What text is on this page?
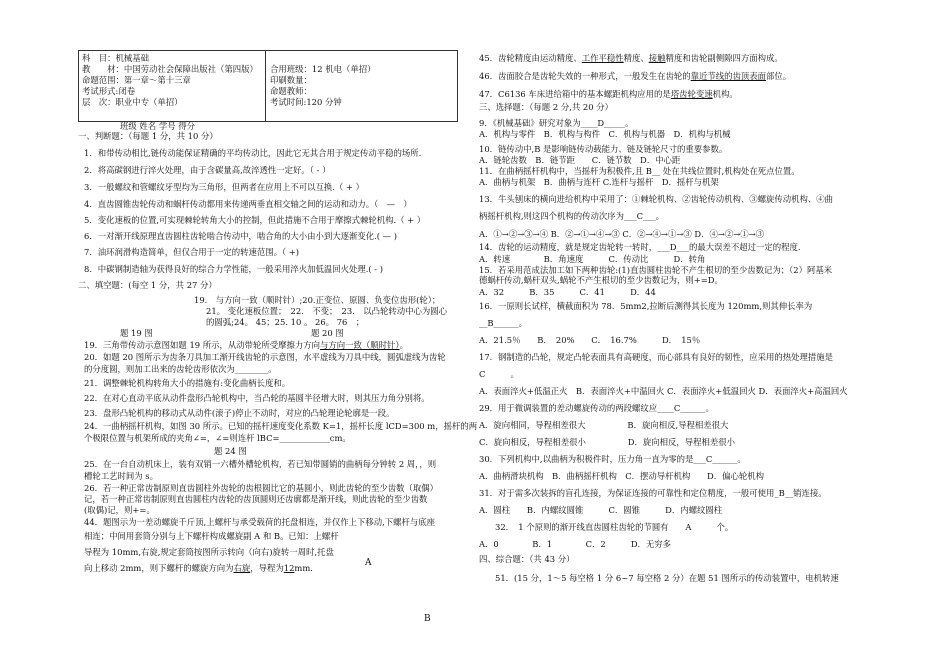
科　目：机械基础
教　　材：中国劳动社会保障出版社（第四版）
命题范围：第一章～第十三章
考试形式:闭卷
层　次：职业中专（单招）
合用班级：12 机电（单招）
印刷数量：
命题教师：
考试时间:120 分钟
班级 姓名 学号 得分
一、判断题：（每题 1 分，共 10 分）
1．和带传动相比,链传动能保证精确的平均传动比，因此它无其合用于规定传动平稳的场所.
2．将高碳钢进行淬火处理，由于含碳量高,故淬透性一定好。（ - ）
3．一般螺纹和管螺纹牙型均为三角形，但两者在应用上不可以互换.（ + ）
4．直齿圆锥齿轮传动和蜗杆传动都用来传递两垂直相交轴之间的运动和动力。（　—　）
5．变化速板的位置,可实现棘轮转角大小的控制，但此措施不合用于摩擦式棘轮机构.（ + ）
6．一对渐开线原理直齿圆柱齿轮啮合传动中，啮合角的大小由小到大逐渐变化.( — )
7．油环润滑构造简单，但仅合用于一定的转速范围。（ +)
8．中碳钢制造轴为获得良好的综合力学性能，一般采用淬火加低温回火处理.( - )
二、填空题：(每空 1 分，共 27 分）
19.　与方向一致（顺时针）;20.正变位、原圆、负变位齿形(轮）；
21。 变化速板位置；　22.　不变；　23.　以凸轮转动中心为圆心
的圆弧;24。 45；25. 10 。 26。 76　；
题 19 图	题 20 图
19．三角带传动示意图如题 19 所示，从动带轮所受摩擦力方向与方向一致（顺时针）。
20．如题 20 图所示为齿条刀具加工渐开线齿轮的示意图，水平虚线为刀具中线，圆弧虚线为齿轮
的分度圆，则加工出来的齿轮齿形依次为________。
21．调整棘轮机构转角大小的措施有:变化曲柄长度和。
22．在对心直动平底从动件盘形凸轮机构中，当凸轮的基圆半径增大时，则其压力角分别将。
23．盘形凸轮机构的移动式从动件(滚子)停止不动时，对应的凸轮理论轮廓是一段。
24．一曲柄摇杆机构，如图 30 所示。已知的摇杆速度变化系数 K=1，摇杆长度 lCD=300 m，摇杆的两
个极限位置与机架所成的夹角∠=，∠=则连杆 lBC=____________cm。
题 24 图
25．在一台自动机床上，装有双销一六槽外槽轮机构，若已知带圆销的曲柄每分钟转 2 周，，则
槽轮工艺时间为 s。
26．若一种正常齿制原则直齿圆柱外齿轮的齿根圆比它的基圆小，则此齿轮的至少齿数（取偶）
记，若一种正常齿制原则直齿圆柱内齿轮的齿顶圆则还齿廓都是渐开线，则此齿轮的至少齿数
(取偶)记，则+=。
44．题图示为一差动螺旋千斤顶,上螺杆与承受载荷的托盘相连，并仅作上下移动,下螺杆与底座
相连；中间用套筒分别与上下螺杆构成螺旋副 A 和 B。已知：上螺杆
导程为 10mm,右旋,规定套筒按图所示转向（向右)旋转一周时,托盘
向上移动 2mm，则下螺杆的螺旋方向为右旋，导程为12mm.	A
45．齿轮精度由运动精度、工作平稳性精度、接触精度和齿轮副侧隙四方面构成。
46．齿面胶合是齿轮失效的一种形式，一般发生在齿轮的靠近节线的齿顶表面部位。
47．C6136 车床进给箱中的基本螺距机构应用的是塔齿轮变速机构。
三、选择题：（每题 2 分,共 20 分）
9．《机械基础》研究对象为____D_____。
A．机构与零件　B．机构与构件　C．机构与机器　D．机构与机械
10．链传动中,B 是影响链传动载能力、链及链轮尺寸的重要参数。
A．链轮齿数　B．链节距　　C．链节数　D．中心距
11．在曲柄摇杆机构中，当摇杆为积极件,且 B__ 处在共线位置时,机构处在死点位置。
A．曲柄与机架　B．曲柄与连杆 C.连杆与摇杆　D．摇杆与机架
13．牛头刨床的横向进给机构中采用了：①棘轮机构、②齿轮传动机构、③螺旋传动机构、④曲
柄摇杆机构,则这四个机构的传动次序为___C___。
A．①→②→③→④ B．②→①→④→③ C．②→④→①→③ D．④→②→①→③
14．齿轮的运动精度，就是规定齿轮转一转时，___D___的最大误差不超过一定的程度.
A．转速　　　　B．角速度　　　C．传动比　　　D．转角
15．若采用范成法加工如下两种齿轮:(1)直齿圆柱齿轮不产生根切的至少齿数记为；（2）阿基米
德蜗杆传动,蜗杆双头,蜗轮不产生根切的至少齿数记为，则+=D。
A．32　　　B．35　　　C．41　　　D．44
16．一原则长试样，横截面积为 78．5mm2,拉断后测得其长度为 120mm,则其伸长率为
__B______。
A．21.5％　　B．　20%　　C．　16.7%　　　D．　15％
17．钢制造的凸轮，规定凸轮表面具有高硬度，而心部具有良好的韧性，应采用的热处理措施是
C　　　。
A．表面淬火+低温正火　B．表面淬火+中温回火 C．表面淬火+低温回火 D．表面淬火+高温回火
29．用于微调装置的差动螺旋传动的两段螺纹应____C______。
A．旋向相同，导程相差很大　　　　　B．旋向相反,导程相差很大
C．旋向相反，导程相差很小　　　　　D．旋向相反，导程相差很小
30．下列机构中,以曲柄为积极件时，压力角一直为零的是___C______。
A．曲柄滑块机构　B．曲柄摇杆机构　C．摆动导杆机构　　D．偏心轮机构
31．对于需多次装拆的盲孔连接，为保证连接的可靠性和定位精度，一般可使用_B__销连接。
A．圆柱　　B．内螺纹圆锥　　　C．圆锥　　　D．内螺纹圆柱
32．　1 个原则的渐开线直齿圆柱齿轮的节圆有　　A　　　个。
A．0　　　　B．1　　　　C．2　　　D．无穷多
四、综合题：（共 43 分）
51．(15 分，1～5 每空格 1 分 6~7 每空格 2 分）在题 51 图所示的传动装置中，电机转速
B
